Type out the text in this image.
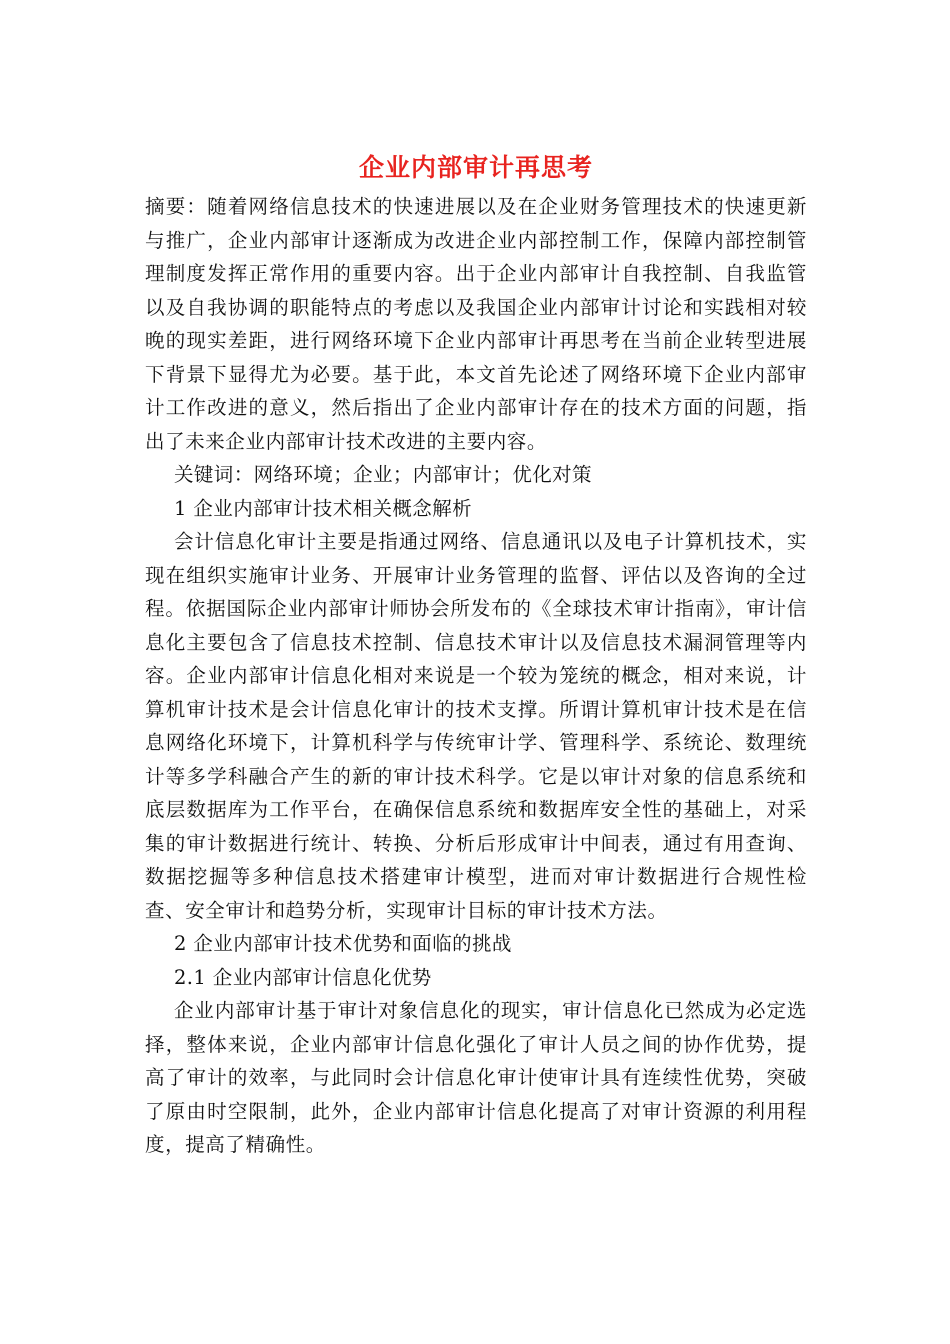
企业内部审计再思考

摘要：随着网络信息技术的快速进展以及在企业财务管理技术的快速更新与推广，企业内部审计逐渐成为改进企业内部控制工作，保障内部控制管理制度发挥正常作用的重要内容。出于企业内部审计自我控制、自我监管以及自我协调的职能特点的考虑以及我国企业内部审计讨论和实践相对较晚的现实差距，进行网络环境下企业内部审计再思考在当前企业转型进展下背景下显得尤为必要。基于此，本文首先论述了网络环境下企业内部审计工作改进的意义，然后指出了企业内部审计存在的技术方面的问题，指出了未来企业内部审计技术改进的主要内容。

关键词：网络环境；企业；内部审计；优化对策

1 企业内部审计技术相关概念解析

会计信息化审计主要是指通过网络、信息通讯以及电子计算机技术，实现在组织实施审计业务、开展审计业务管理的监督、评估以及咨询的全过程。依据国际企业内部审计师协会所发布的《全球技术审计指南》，审计信息化主要包含了信息技术控制、信息技术审计以及信息技术漏洞管理等内容。企业内部审计信息化相对来说是一个较为笼统的概念，相对来说，计算机审计技术是会计信息化审计的技术支撑。所谓计算机审计技术是在信息网络化环境下，计算机科学与传统审计学、管理科学、系统论、数理统计等多学科融合产生的新的审计技术科学。它是以审计对象的信息系统和底层数据库为工作平台，在确保信息系统和数据库安全性的基础上，对采集的审计数据进行统计、转换、分析后形成审计中间表，通过有用查询、数据挖掘等多种信息技术搭建审计模型，进而对审计数据进行合规性检查、安全审计和趋势分析，实现审计目标的审计技术方法。

2 企业内部审计技术优势和面临的挑战

2.1 企业内部审计信息化优势

企业内部审计基于审计对象信息化的现实，审计信息化已然成为必定选择，整体来说，企业内部审计信息化强化了审计人员之间的协作优势，提高了审计的效率，与此同时会计信息化审计使审计具有连续性优势，突破了原由时空限制，此外，企业内部审计信息化提高了对审计资源的利用程度，提高了精确性。
